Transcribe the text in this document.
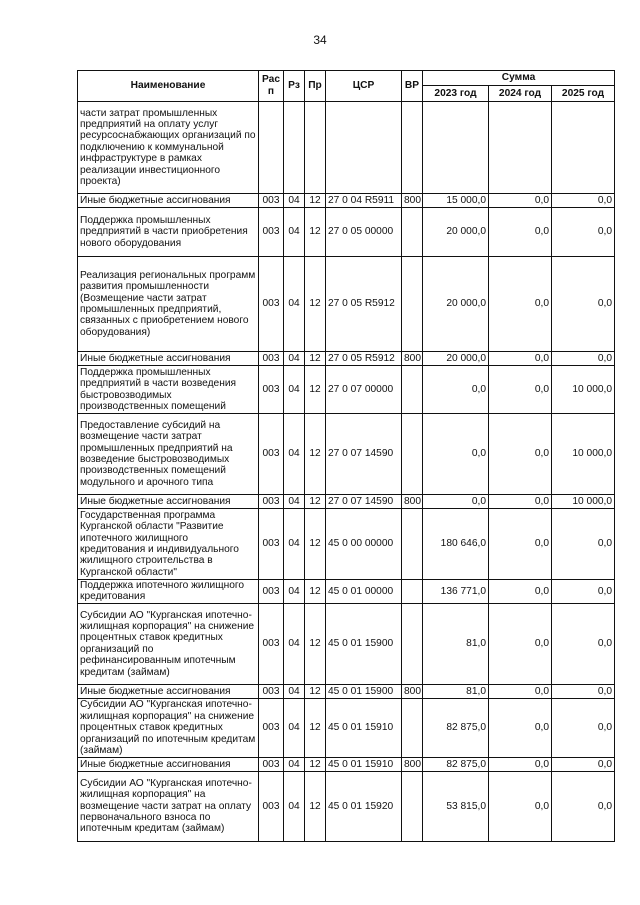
34
Наименование	Рас п	Рз	Пр	ЦСР	ВР	Сумма		
						2023 год	2024 год	2025 год
части затрат промышленных предприятий на оплату услуг ресурсоснабжающих организаций по подключению к коммунальной инфраструктуре в рамках реализации инвестиционного проекта)								
Иные бюджетные ассигнования	003	04	12	27 0 04 R5911	800	15 000,0	0,0	0,0
Поддержка промышленных предприятий в части приобретения нового оборудования	003	04	12	27 0 05 00000		20 000,0	0,0	0,0
Реализация региональных программ развития промышленности (Возмещение части затрат промышленных предприятий, связанных с приобретением нового оборудования)	003	04	12	27 0 05 R5912		20 000,0	0,0	0,0
Иные бюджетные ассигнования	003	04	12	27 0 05 R5912	800	20 000,0	0,0	0,0
Поддержка промышленных предприятий в части возведения быстровозводимых производственных помещений	003	04	12	27 0 07 00000		0,0	0,0	10 000,0
Предоставление субсидий на возмещение части затрат промышленных предприятий на возведение быстровозводимых производственных помещений модульного и арочного типа	003	04	12	27 0 07 14590		0,0	0,0	10 000,0
Иные бюджетные ассигнования	003	04	12	27 0 07 14590	800	0,0	0,0	10 000,0
Государственная программа Курганской области "Развитие ипотечного жилищного кредитования и индивидуального жилищного строительства в Курганской области"	003	04	12	45 0 00 00000		180 646,0	0,0	0,0
Поддержка ипотечного жилищного кредитования	003	04	12	45 0 01 00000		136 771,0	0,0	0,0
Субсидии АО "Курганская ипотечно-жилищная корпорация" на снижение процентных ставок кредитных организаций по рефинансированным ипотечным кредитам (займам)	003	04	12	45 0 01 15900		81,0	0,0	0,0
Иные бюджетные ассигнования	003	04	12	45 0 01 15900	800	81,0	0,0	0,0
Субсидии АО "Курганская ипотечно-жилищная корпорация" на снижение процентных ставок кредитных организаций по ипотечным кредитам (займам)	003	04	12	45 0 01 15910		82 875,0	0,0	0,0
Иные бюджетные ассигнования	003	04	12	45 0 01 15910	800	82 875,0	0,0	0,0
Субсидии АО "Курганская ипотечно-жилищная корпорация" на возмещение части затрат на оплату первоначального взноса по ипотечным кредитам (займам)	003	04	12	45 0 01 15920		53 815,0	0,0	0,0
